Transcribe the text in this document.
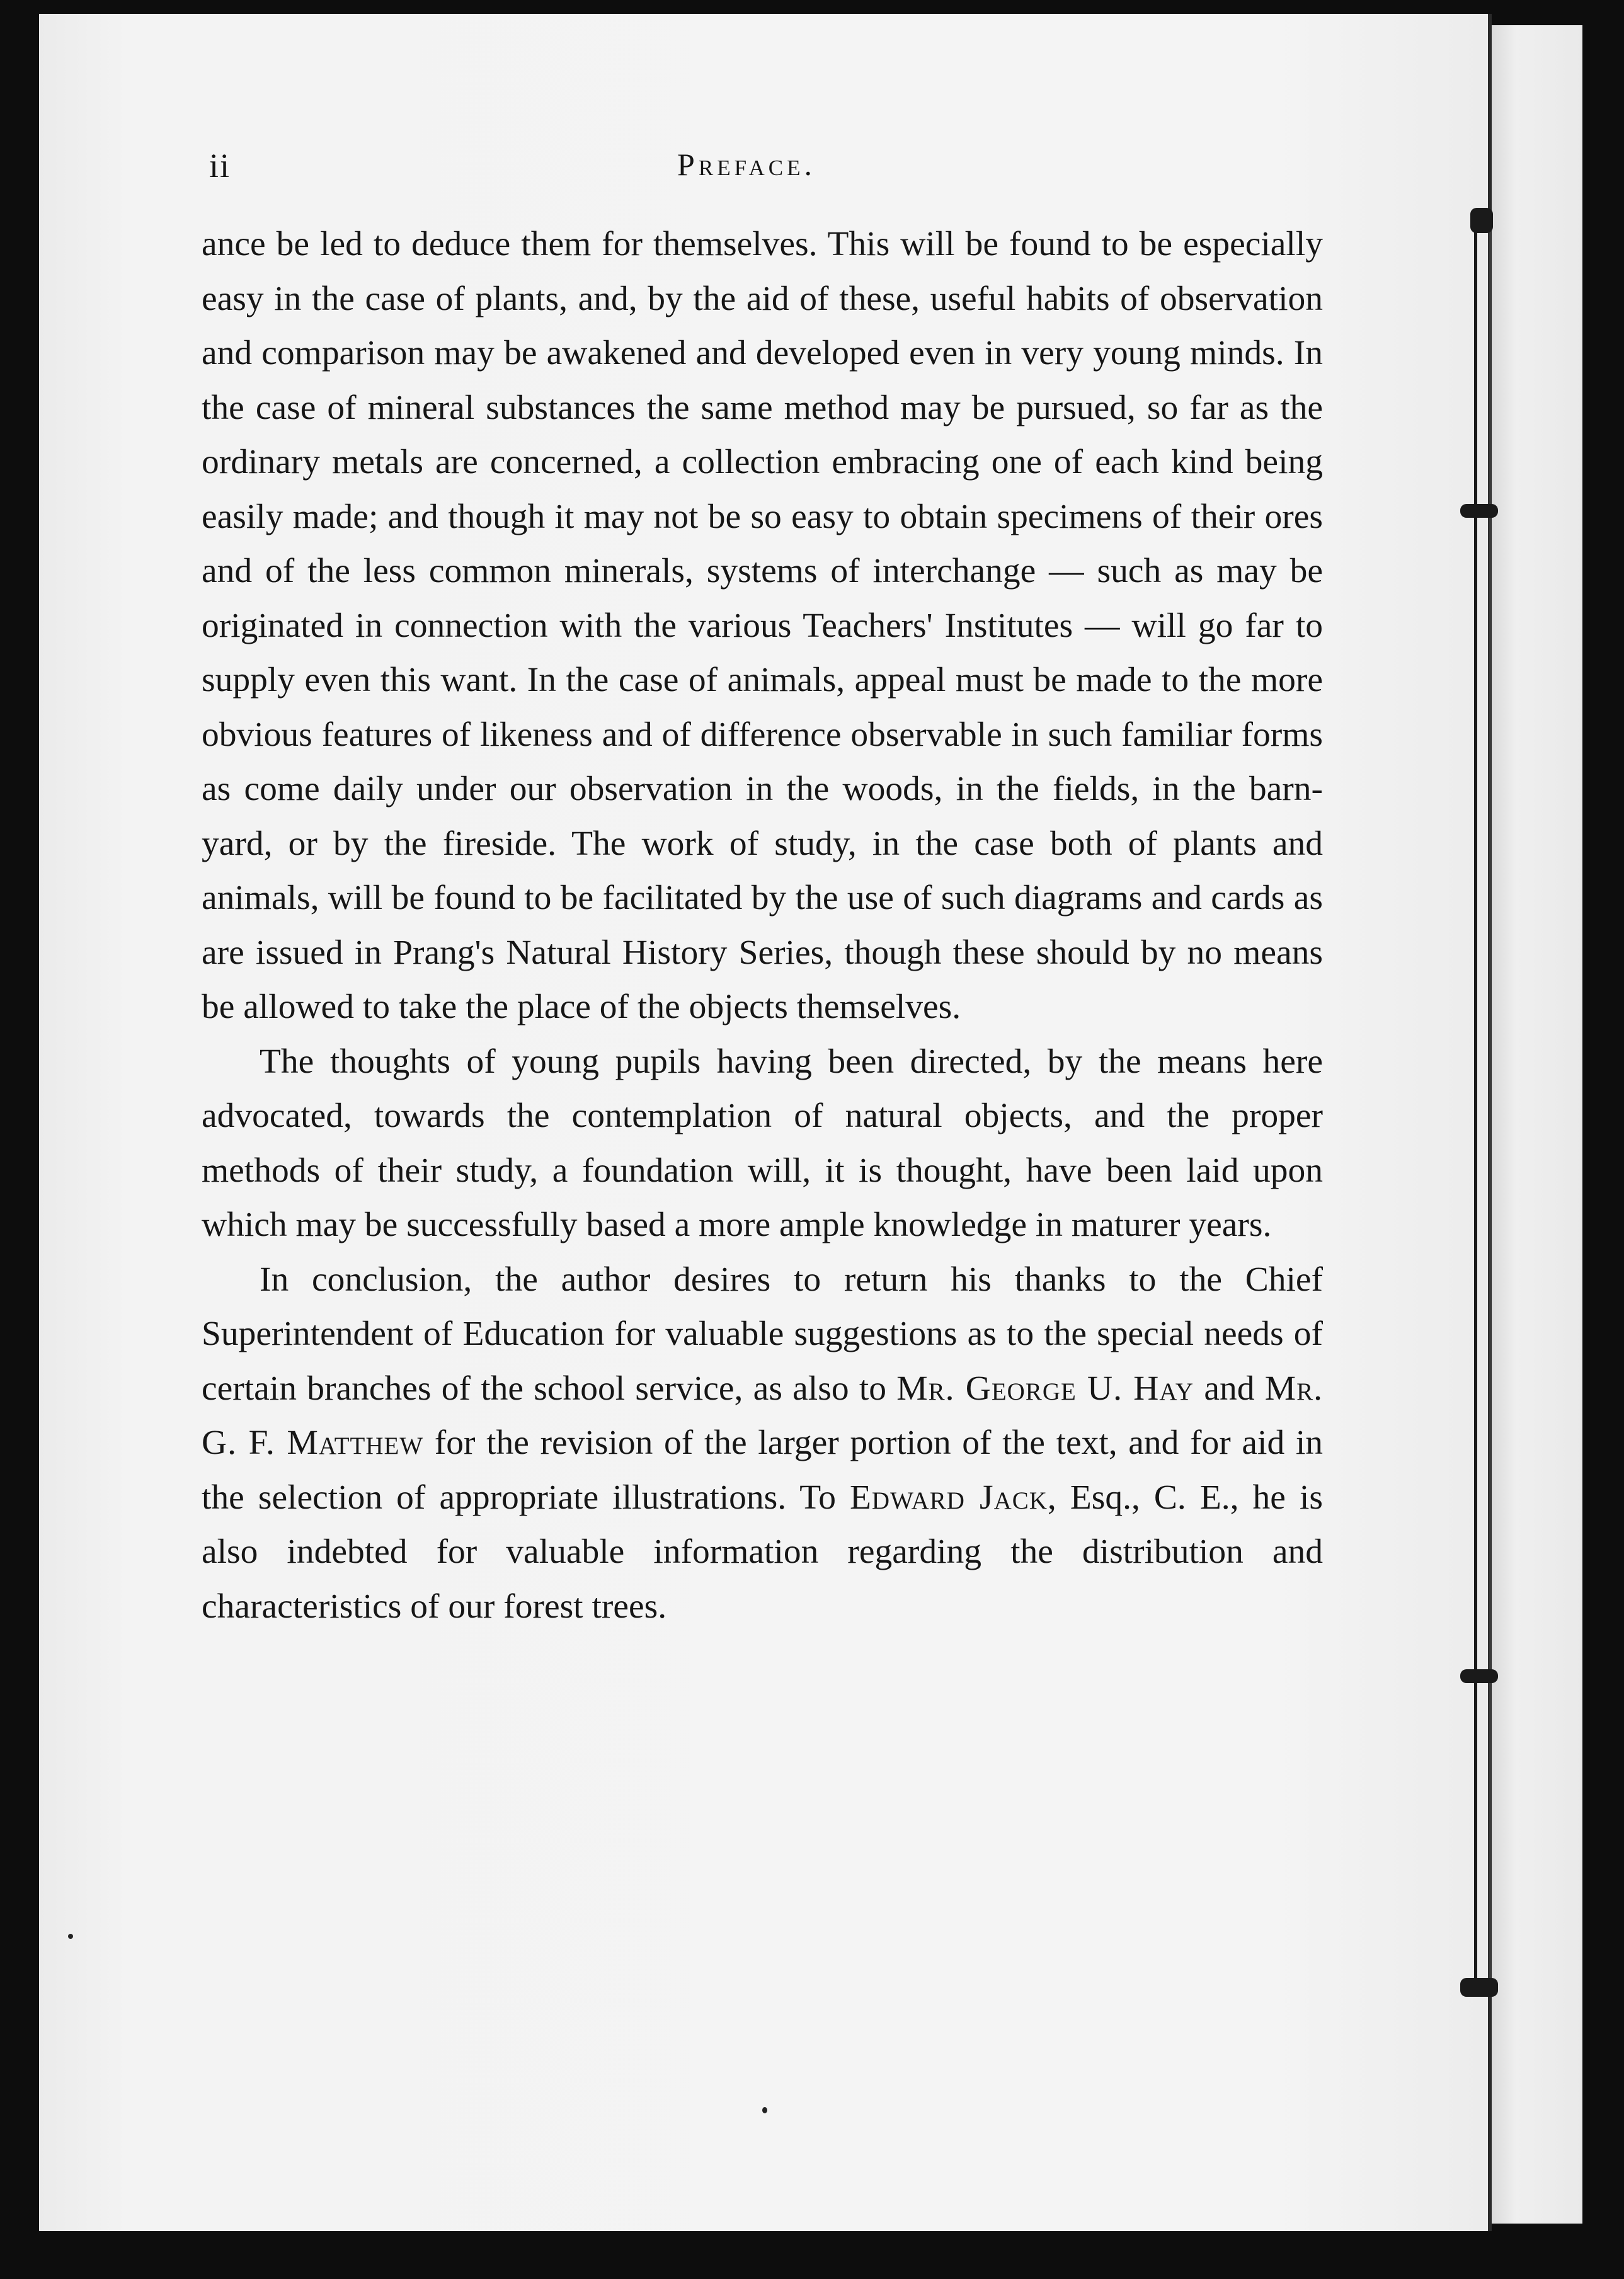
ii	Preface.

ance be led to deduce them for themselves. This will be found to be especially easy in the case of plants, and, by the aid of these, useful habits of observation and comparison may be awakened and developed even in very young minds. In the case of mineral substances the same method may be pursued, so far as the ordinary metals are concerned, a collection embracing one of each kind being easily made; and though it may not be so easy to obtain specimens of their ores and of the less common minerals, systems of interchange — such as may be originated in connection with the various Teachers' Institutes — will go far to supply even this want. In the case of animals, appeal must be made to the more obvious features of likeness and of difference observable in such familiar forms as come daily under our observation in the woods, in the fields, in the barn-yard, or by the fireside. The work of study, in the case both of plants and animals, will be found to be facilitated by the use of such diagrams and cards as are issued in Prang's Natural History Series, though these should by no means be allowed to take the place of the objects themselves.

The thoughts of young pupils having been directed, by the means here advocated, towards the contemplation of natural objects, and the proper methods of their study, a foundation will, it is thought, have been laid upon which may be successfully based a more ample knowledge in maturer years.

In conclusion, the author desires to return his thanks to the Chief Superintendent of Education for valuable suggestions as to the special needs of certain branches of the school service, as also to Mr. George U. Hay and Mr. G. F. Matthew for the revision of the larger portion of the text, and for aid in the selection of appropriate illustrations. To Edward Jack, Esq., C. E., he is also indebted for valuable information regarding the distribution and characteristics of our forest trees.
